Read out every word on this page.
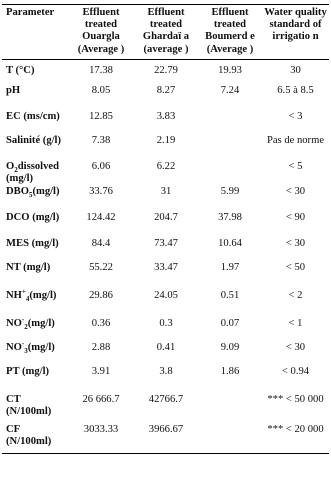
Parameter	Effluent treated Ouargla (Average )	Effluent treated Ghardaï a (average )	Effluent treated Boumerd e (Average )	Water quality standard of irrigatio n
T (°C)	17.38	22.79	19.93	30
pH	8.05	8.27	7.24	6.5 à 8.5
EC (ms/cm)	12.85	3.83		< 3
Salinité (g/l)	7.38	2.19		Pas de norme
$O_2dissolved$ (mg/l)	6.06	6.22		< 5
$DBO_5(mg/l)$	33.76	31	5.99	< 30
DCO (mg/l)	124.42	204.7	37.98	< 90
MES (mg/l)	84.4	73.47	10.64	< 30
NT (mg/l)	55.22	33.47	1.97	< 50
$NH^+_4(mg/l)$	29.86	24.05	0.51	< 2
$NO^-_2(mg/l)$	0.36	0.3	0.07	< 1
$NO^-_3(mg/l)$	2.88	0.41	9.09	< 30
PT (mg/l)	3.91	3.8	1.86	< 0.94
CT (N/100ml)	26 666.7	42766.7		*** < 50 000
CF (N/100ml)	3033.33	3966.67		*** < 20 000
